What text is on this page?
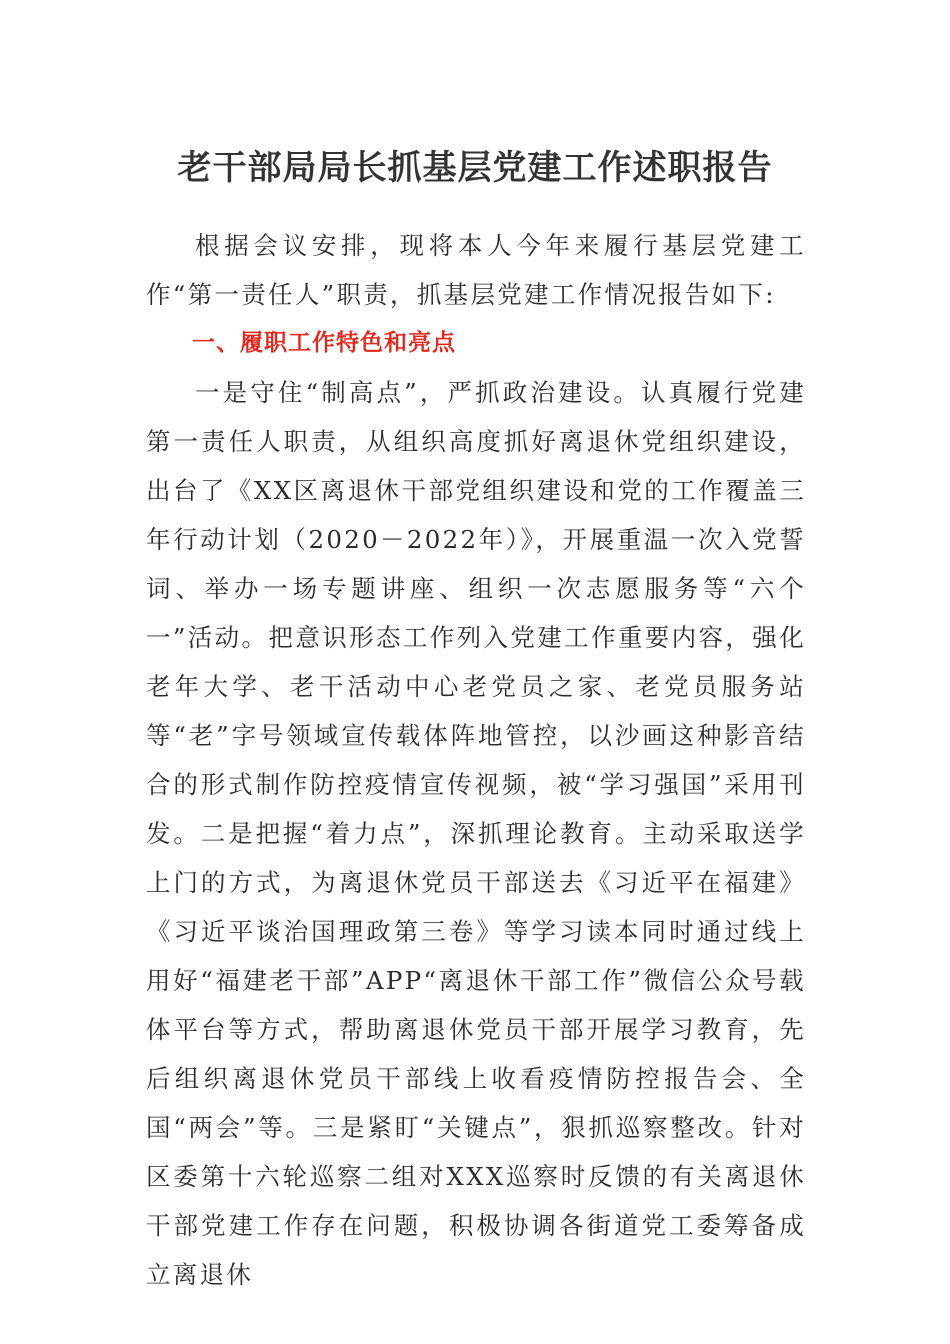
老干部局局长抓基层党建工作述职报告

根据会议安排，现将本人今年来履行基层党建工作“第一责任人”职责，抓基层党建工作情况报告如下:

一、履职工作特色和亮点

一是守住“制高点”，严抓政治建设。认真履行党建第一责任人职责，从组织高度抓好离退休党组织建设，出台了《XX区离退休干部党组织建设和党的工作覆盖三年行动计划（2020－2022年）》，开展重温一次入党誓词、举办一场专题讲座、组织一次志愿服务等“六个一”活动。把意识形态工作列入党建工作重要内容，强化老年大学、老干活动中心老党员之家、老党员服务站等“老”字号领域宣传载体阵地管控，以沙画这种影音结合的形式制作防控疫情宣传视频，被“学习强国”采用刊发。二是把握“着力点”，深抓理论教育。主动采取送学上门的方式，为离退休党员干部送去《习近平在福建》《习近平谈治国理政第三卷》等学习读本同时通过线上用好“福建老干部”APP“离退休干部工作”微信公众号载体平台等方式，帮助离退休党员干部开展学习教育，先后组织离退休党员干部线上收看疫情防控报告会、全国“两会”等。三是紧盯“关键点”，狠抓巡察整改。针对区委第十六轮巡察二组对XXX巡察时反馈的有关离退休干部党建工作存在问题，积极协调各街道党工委筹备成立离退休
